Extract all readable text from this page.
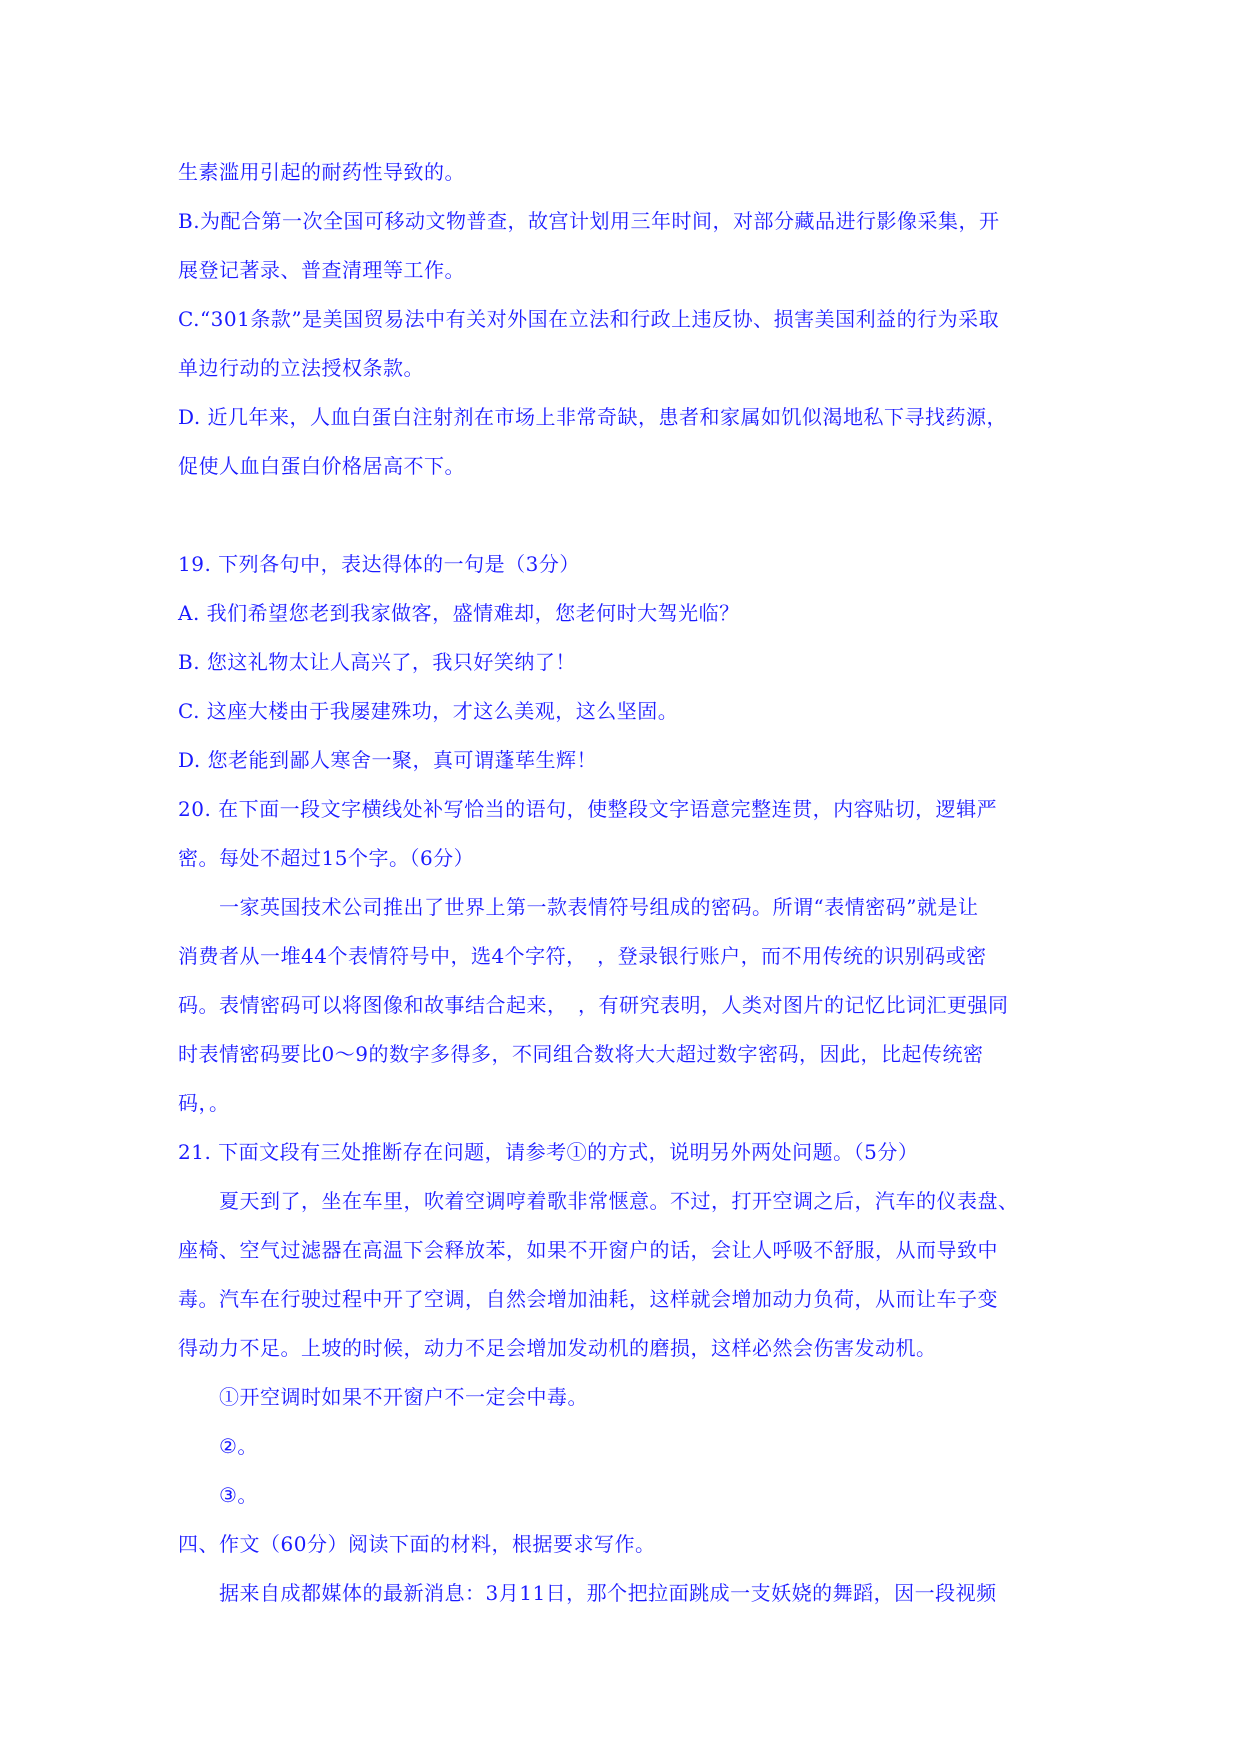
生素滥用引起的耐药性导致的。
B.为配合第一次全国可移动文物普查，故宫计划用三年时间，对部分藏品进行影像采集，开
展登记著录、普查清理等工作。
C.“301条款”是美国贸易法中有关对外国在立法和行政上违反协、损害美国利益的行为采取
单边行动的立法授权条款。
D. 近几年来，人血白蛋白注射剂在市场上非常奇缺，患者和家属如饥似渴地私下寻找药源，
促使人血白蛋白价格居高不下。
19. 下列各句中，表达得体的一句是（3分）
A. 我们希望您老到我家做客，盛情难却，您老何时大驾光临？
B. 您这礼物太让人高兴了，我只好笑纳了！
C. 这座大楼由于我屡建殊功，才这么美观，这么坚固。
D. 您老能到鄙人寒舍一聚，真可谓蓬荜生辉！
20. 在下面一段文字横线处补写恰当的语句，使整段文字语意完整连贯，内容贴切，逻辑严
密。每处不超过15个字。（6分）
一家英国技术公司推出了世界上第一款表情符号组成的密码。所谓“表情密码”就是让
消费者从一堆44个表情符号中，选4个字符，　，登录银行账户，而不用传统的识别码或密
码。表情密码可以将图像和故事结合起来，　，有研究表明，人类对图片的记忆比词汇更强同
时表情密码要比0～9的数字多得多，不同组合数将大大超过数字密码，因此，比起传统密
码，。
21. 下面文段有三处推断存在问题，请参考①的方式，说明另外两处问题。（5分）
夏天到了，坐在车里，吹着空调哼着歌非常惬意。不过，打开空调之后，汽车的仪表盘、
座椅、空气过滤器在高温下会释放苯，如果不开窗户的话，会让人呼吸不舒服，从而导致中
毒。汽车在行驶过程中开了空调，自然会增加油耗，这样就会增加动力负荷，从而让车子变
得动力不足。上坡的时候，动力不足会增加发动机的磨损，这样必然会伤害发动机。
①开空调时如果不开窗户不一定会中毒。
②。
③。
四、作文（60分）阅读下面的材料，根据要求写作。
据来自成都媒体的最新消息：3月11日，那个把拉面跳成一支妖娆的舞蹈，因一段视频
